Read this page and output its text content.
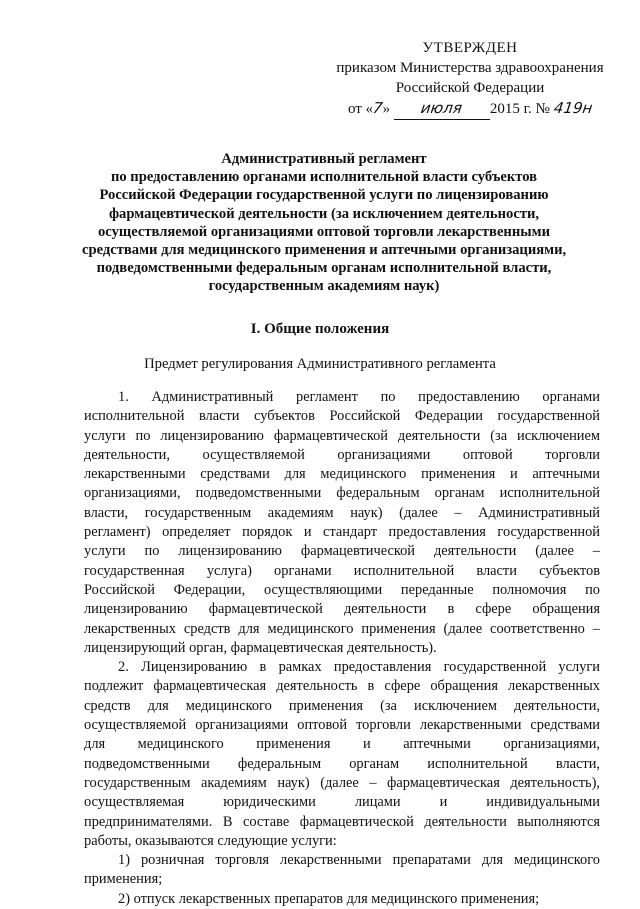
УТВЕРЖДЕН
приказом Министерства здравоохранения
Российской Федерации
от «7» июля 2015 г. № 419н
Административный регламент
по предоставлению органами исполнительной власти субъектов
Российской Федерации государственной услуги по лицензированию
фармацевтической деятельности (за исключением деятельности,
осуществляемой организациями оптовой торговли лекарственными
средствами для медицинского применения и аптечными организациями,
подведомственными федеральным органам исполнительной власти,
государственным академиям наук)
I. Общие положения
Предмет регулирования Административного регламента
1. Административный регламент по предоставлению органами
исполнительной власти субъектов Российской Федерации государственной
услуги по лицензированию фармацевтической деятельности (за исключением
деятельности, осуществляемой организациями оптовой торговли
лекарственными средствами для медицинского применения и аптечными
организациями, подведомственными федеральным органам исполнительной
власти, государственным академиям наук) (далее – Административный
регламент) определяет порядок и стандарт предоставления государственной
услуги по лицензированию фармацевтической деятельности (далее –
государственная услуга) органами исполнительной власти субъектов
Российской Федерации, осуществляющими переданные полномочия по
лицензированию фармацевтической деятельности в сфере обращения
лекарственных средств для медицинского применения (далее соответственно –
лицензирующий орган, фармацевтическая деятельность).
2. Лицензированию в рамках предоставления государственной услуги
подлежит фармацевтическая деятельность в сфере обращения лекарственных
средств для медицинского применения (за исключением деятельности,
осуществляемой организациями оптовой торговли лекарственными средствами
для медицинского применения и аптечными организациями,
подведомственными федеральным органам исполнительной власти,
государственным академиям наук) (далее – фармацевтическая деятельность),
осуществляемая юридическими лицами и индивидуальными
предпринимателями. В составе фармацевтической деятельности выполняются
работы, оказываются следующие услуги:
1) розничная торговля лекарственными препаратами для медицинского
применения;
2) отпуск лекарственных препаратов для медицинского применения;
